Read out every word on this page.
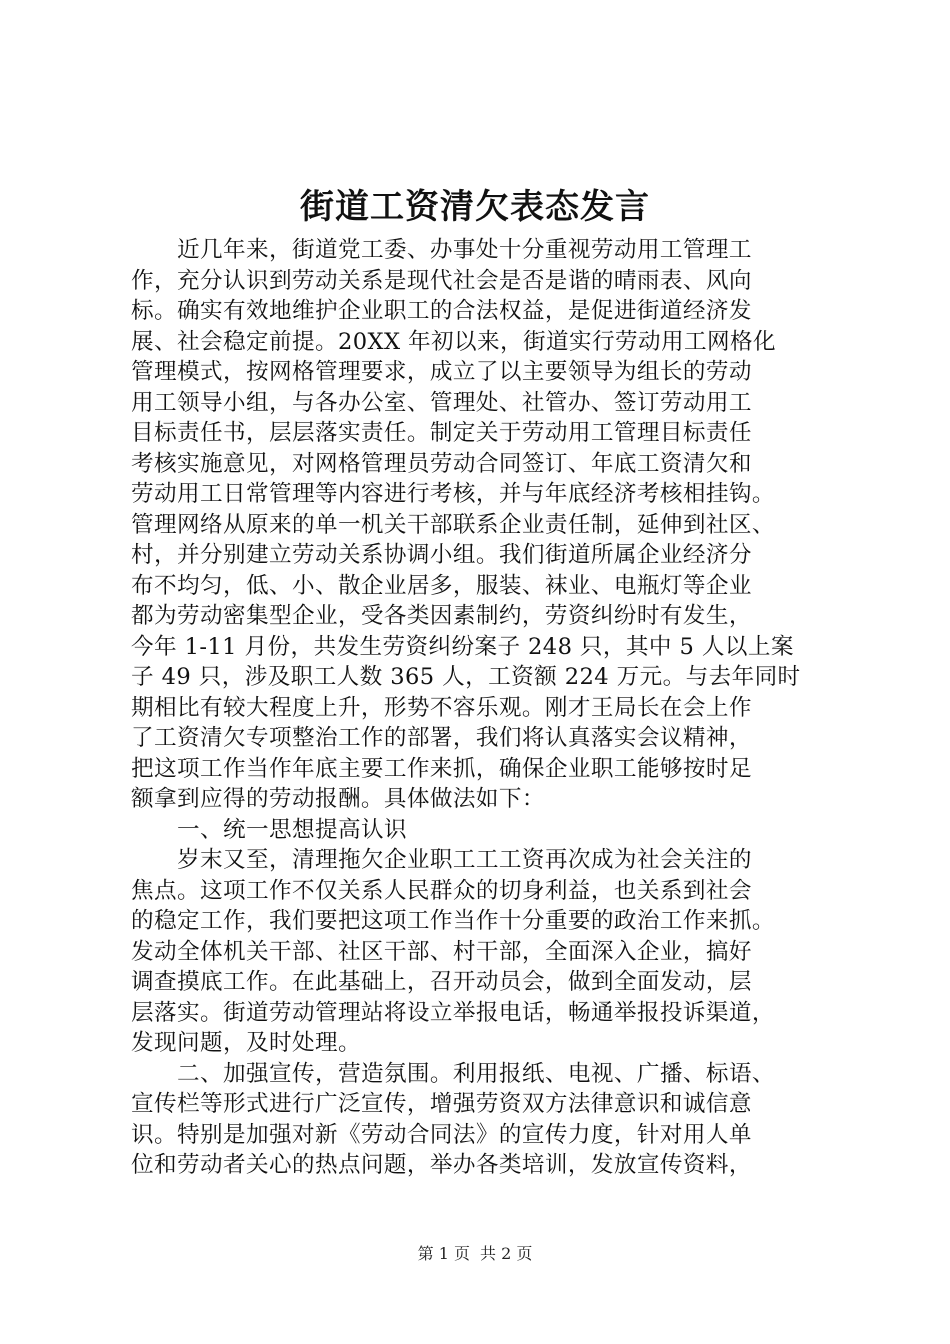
街道工资清欠表态发言
近几年来，街道党工委、办事处十分重视劳动用工管理工
作，充分认识到劳动关系是现代社会是否是谐的晴雨表、风向
标。确实有效地维护企业职工的合法权益，是促进街道经济发
展、社会稳定前提。20XX 年初以来，街道实行劳动用工网格化
管理模式，按网格管理要求，成立了以主要领导为组长的劳动
用工领导小组，与各办公室、管理处、社管办、签订劳动用工
目标责任书，层层落实责任。制定关于劳动用工管理目标责任
考核实施意见，对网格管理员劳动合同签订、年底工资清欠和
劳动用工日常管理等内容进行考核，并与年底经济考核相挂钩。
管理网络从原来的单一机关干部联系企业责任制，延伸到社区、
村，并分别建立劳动关系协调小组。我们街道所属企业经济分
布不均匀，低、小、散企业居多，服装、袜业、电瓶灯等企业
都为劳动密集型企业，受各类因素制约，劳资纠纷时有发生，
今年 1-11 月份，共发生劳资纠纷案子 248 只，其中 5 人以上案
子 49 只，涉及职工人数 365 人，工资额 224 万元。与去年同时
期相比有较大程度上升，形势不容乐观。刚才王局长在会上作
了工资清欠专项整治工作的部署，我们将认真落实会议精神，
把这项工作当作年底主要工作来抓，确保企业职工能够按时足
额拿到应得的劳动报酬。具体做法如下：
一、统一思想提高认识
岁末又至，清理拖欠企业职工工工资再次成为社会关注的
焦点。这项工作不仅关系人民群众的切身利益，也关系到社会
的稳定工作，我们要把这项工作当作十分重要的政治工作来抓。
发动全体机关干部、社区干部、村干部，全面深入企业，搞好
调查摸底工作。在此基础上，召开动员会，做到全面发动，层
层落实。街道劳动管理站将设立举报电话，畅通举报投诉渠道，
发现问题，及时处理。
二、加强宣传，营造氛围。利用报纸、电视、广播、标语、
宣传栏等形式进行广泛宣传，增强劳资双方法律意识和诚信意
识。特别是加强对新《劳动合同法》的宣传力度，针对用人单
位和劳动者关心的热点问题，举办各类培训，发放宣传资料，
第 1 页 共 2 页
